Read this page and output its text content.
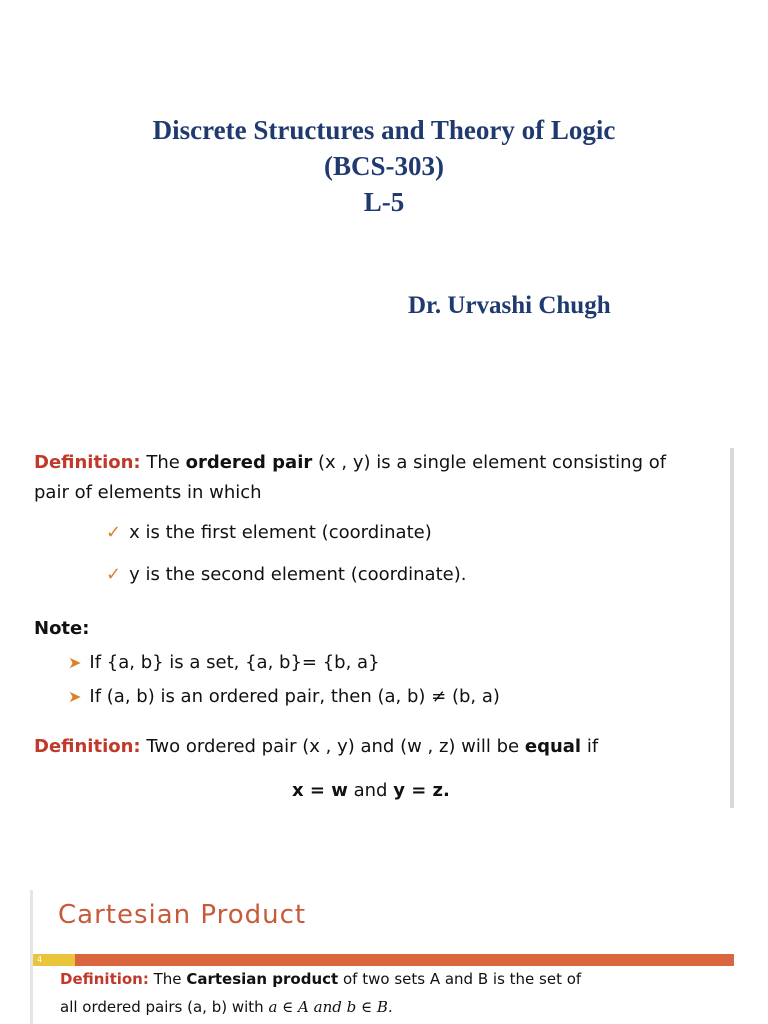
Discrete Structures and Theory of Logic
(BCS-303)
L-5
Dr. Urvashi Chugh
Definition: The ordered pair (x , y) is a single element consisting of
pair of elements in which
✓ x is the first element (coordinate)
✓ y is the second element (coordinate).
Note:
➤ If {a, b} is a set, {a, b}= {b, a}
➤ If (a, b) is an ordered pair, then (a, b) ≠ (b, a)
Definition: Two ordered pair (x , y) and (w , z) will be equal if
x = w and y = z.
Cartesian Product
4
Definition: The Cartesian product of two sets A and B is the set of
all ordered pairs (a, b) with a ∈ A and b ∈ B.
